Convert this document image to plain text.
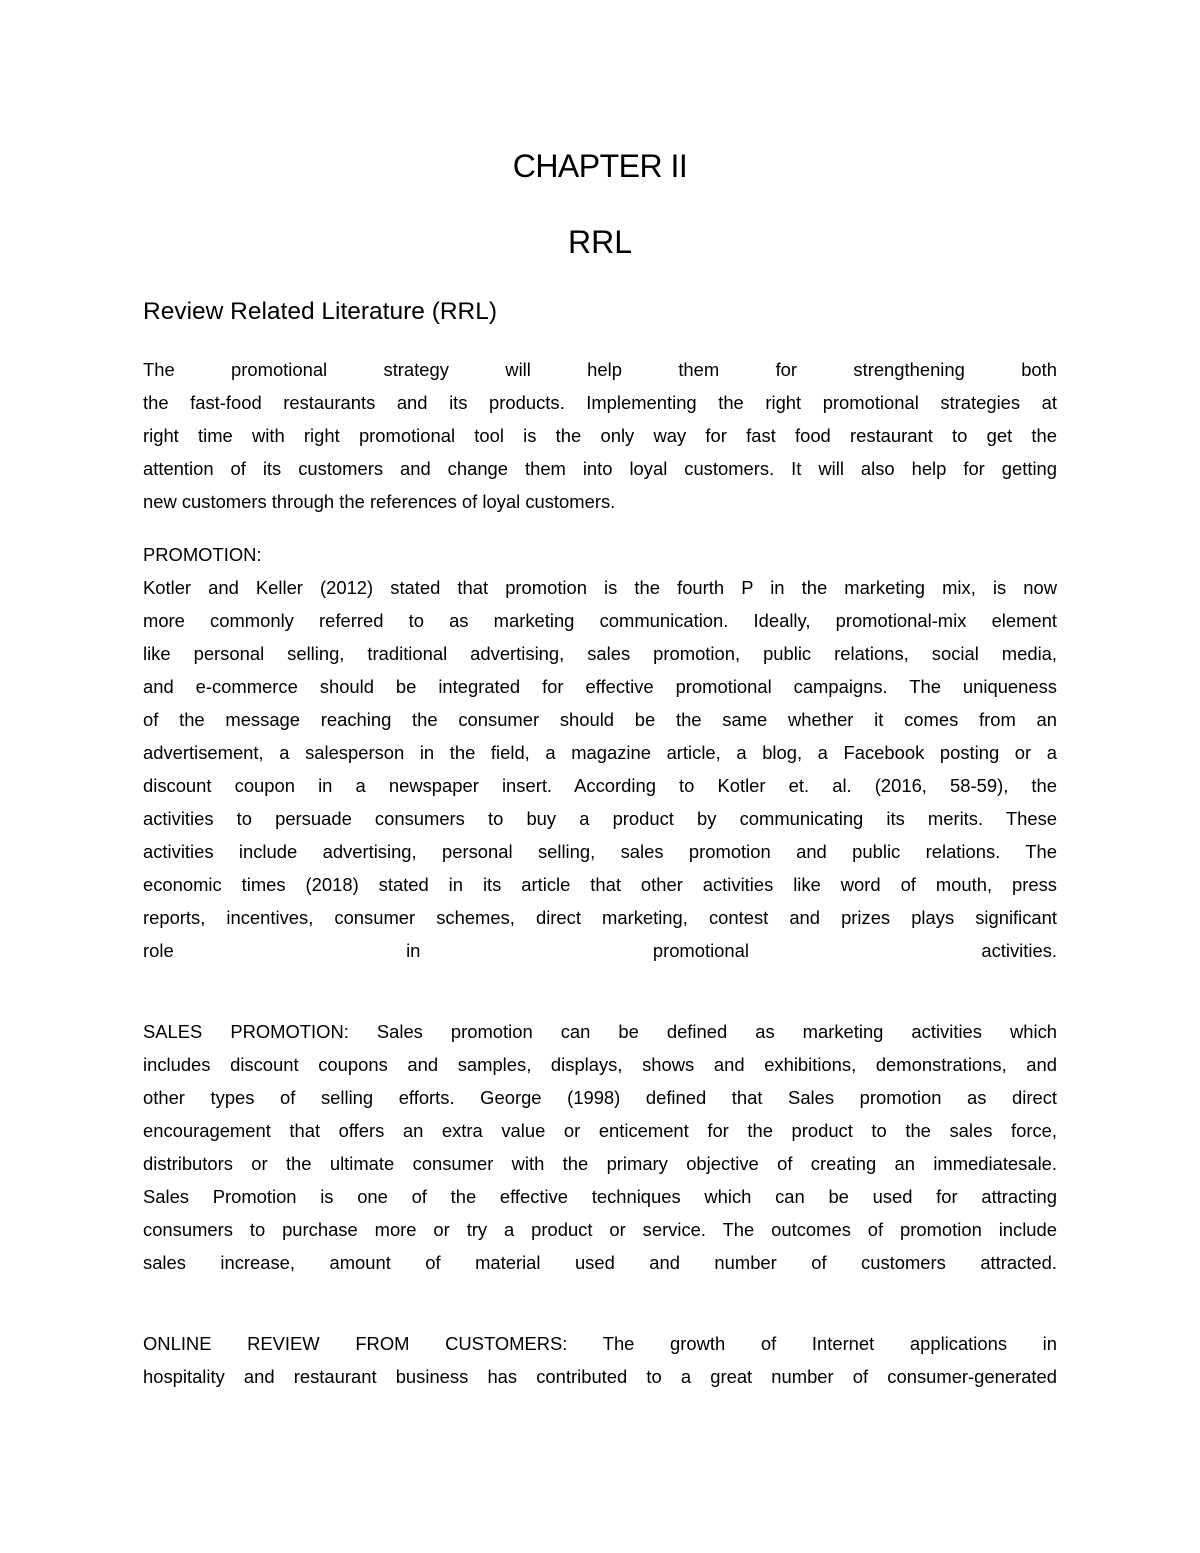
CHAPTER II
RRL
Review Related Literature (RRL)
The promotional strategy will help them for strengthening both
the fast-food restaurants and its products. Implementing the right promotional strategies at
right time with right promotional tool is the only way for fast food restaurant to get the
attention of its customers and change them into loyal customers. It will also help for getting
new customers through the references of loyal customers.
PROMOTION:
Kotler and Keller (2012) stated that promotion is the fourth P in the marketing mix, is now
more commonly referred to as marketing communication. Ideally, promotional-mix element
like personal selling, traditional advertising, sales promotion, public relations, social media,
and e-commerce should be integrated for effective promotional campaigns. The uniqueness
of the message reaching the consumer should be the same whether it comes from an
advertisement, a salesperson in the field, a magazine article, a blog, a Facebook posting or a
discount coupon in a newspaper insert. According to Kotler et. al. (2016, 58-59), the
activities to persuade consumers to buy a product by communicating its merits. These
activities include advertising, personal selling, sales promotion and public relations. The
economic times (2018) stated in its article that other activities like word of mouth, press
reports, incentives, consumer schemes, direct marketing, contest and prizes plays significant
role in promotional activities.
SALES PROMOTION: Sales promotion can be defined as marketing activities which
includes discount coupons and samples, displays, shows and exhibitions, demonstrations, and
other types of selling efforts. George (1998) defined that Sales promotion as direct
encouragement that offers an extra value or enticement for the product to the sales force,
distributors or the ultimate consumer with the primary objective of creating an immediatesale.
Sales Promotion is one of the effective techniques which can be used for attracting
consumers to purchase more or try a product or service. The outcomes of promotion include
sales increase, amount of material used and number of customers attracted.
ONLINE REVIEW FROM CUSTOMERS: The growth of Internet applications in
hospitality and restaurant business has contributed to a great number of consumer-generated
